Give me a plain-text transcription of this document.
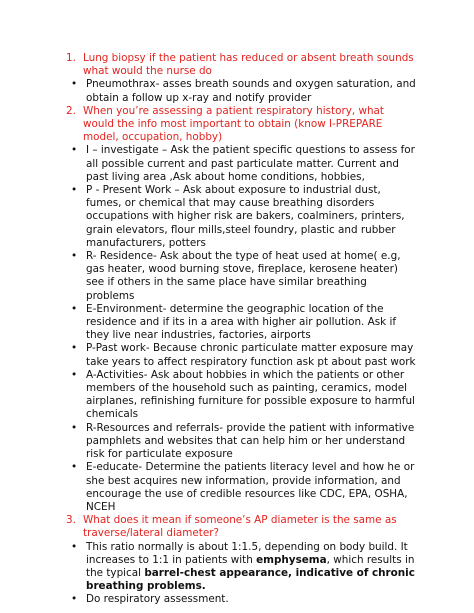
1. Lung biopsy if the patient has reduced or absent breath sounds what would the nurse do
• Pneumothrax- asses breath sounds and oxygen saturation, and obtain a follow up x-ray and notify provider
2. When you’re assessing a patient respiratory history, what would the info most important to obtain (know I-PREPARE model, occupation, hobby)
• I – investigate – Ask the patient specific questions to assess for all possible current and past particulate matter. Current and past living area ,Ask about home conditions, hobbies,
• P - Present Work – Ask about exposure to industrial dust, fumes, or chemical that may cause breathing disorders occupations with higher risk are bakers, coalminers, printers, grain elevators, flour mills,steel foundry, plastic and rubber manufacturers, potters
• R- Residence- Ask about the type of heat used at home( e.g, gas heater, wood burning stove, fireplace, kerosene heater) see if others in the same place have similar breathing problems
• E-Environment- determine the geographic location of the residence and if its in a area with higher air pollution. Ask if they live near industries, factories, airports
• P-Past work- Because chronic particulate matter exposure may take years to affect respiratory function ask pt about past work
• A-Activities- Ask about hobbies in which the patients or other members of the household such as painting, ceramics, model airplanes, refinishing furniture for possible exposure to harmful chemicals
• R-Resources and referrals- provide the patient with informative pamphlets and websites that can help him or her understand risk for particulate exposure
• E-educate- Determine the patients literacy level and how he or she best acquires new information, provide information, and encourage the use of credible resources like CDC, EPA, OSHA, NCEH
3. What does it mean if someone’s AP diameter is the same as traverse/lateral diameter?
• This ratio normally is about 1:1.5, depending on body build. It increases to 1:1 in patients with emphysema, which results in the typical barrel-chest appearance, indicative of chronic breathing problems.
• Do respiratory assessment.
